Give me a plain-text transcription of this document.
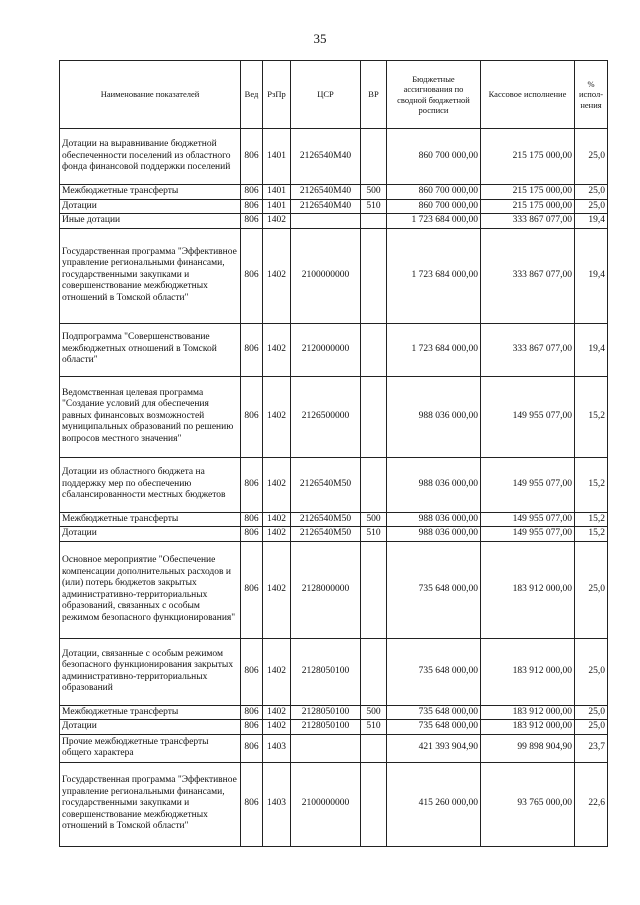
35
Наименование показателей	Вед	РзПр	ЦСР	ВР	Бюджетные ассигнования по сводной бюджетной росписи	Кассовое исполнение	% испол-нения
Дотации на выравнивание бюджетной обеспеченности поселений из областного фонда финансовой поддержки поселений	806	1401	2126540М40		860 700 000,00	215 175 000,00	25,0
Межбюджетные трансферты	806	1401	2126540М40	500	860 700 000,00	215 175 000,00	25,0
Дотации	806	1401	2126540М40	510	860 700 000,00	215 175 000,00	25,0
Иные дотации	806	1402			1 723 684 000,00	333 867 077,00	19,4
Государственная программа "Эффективное управление региональными финансами, государственными закупками и совершенствование межбюджетных отношений в Томской области"	806	1402	2100000000		1 723 684 000,00	333 867 077,00	19,4
Подпрограмма "Совершенствование межбюджетных отношений в Томской области"	806	1402	2120000000		1 723 684 000,00	333 867 077,00	19,4
Ведомственная целевая программа "Создание условий для обеспечения равных финансовых возможностей муниципальных образований по решению вопросов местного значения"	806	1402	2126500000		988 036 000,00	149 955 077,00	15,2
Дотации из областного бюджета на поддержку мер по обеспечению сбалансированности местных бюджетов	806	1402	2126540М50		988 036 000,00	149 955 077,00	15,2
Межбюджетные трансферты	806	1402	2126540М50	500	988 036 000,00	149 955 077,00	15,2
Дотации	806	1402	2126540М50	510	988 036 000,00	149 955 077,00	15,2
Основное мероприятие "Обеспечение компенсации дополнительных расходов и (или) потерь бюджетов закрытых административно-территориальных образований, связанных с особым режимом безопасного функционирования"	806	1402	2128000000		735 648 000,00	183 912 000,00	25,0
Дотации, связанные с особым режимом безопасного функционирования закрытых административно-территориальных образований	806	1402	2128050100		735 648 000,00	183 912 000,00	25,0
Межбюджетные трансферты	806	1402	2128050100	500	735 648 000,00	183 912 000,00	25,0
Дотации	806	1402	2128050100	510	735 648 000,00	183 912 000,00	25,0
Прочие межбюджетные трансферты общего характера	806	1403			421 393 904,90	99 898 904,90	23,7
Государственная программа "Эффективное управление региональными финансами, государственными закупками и совершенствование межбюджетных отношений в Томской области"	806	1403	2100000000		415 260 000,00	93 765 000,00	22,6
